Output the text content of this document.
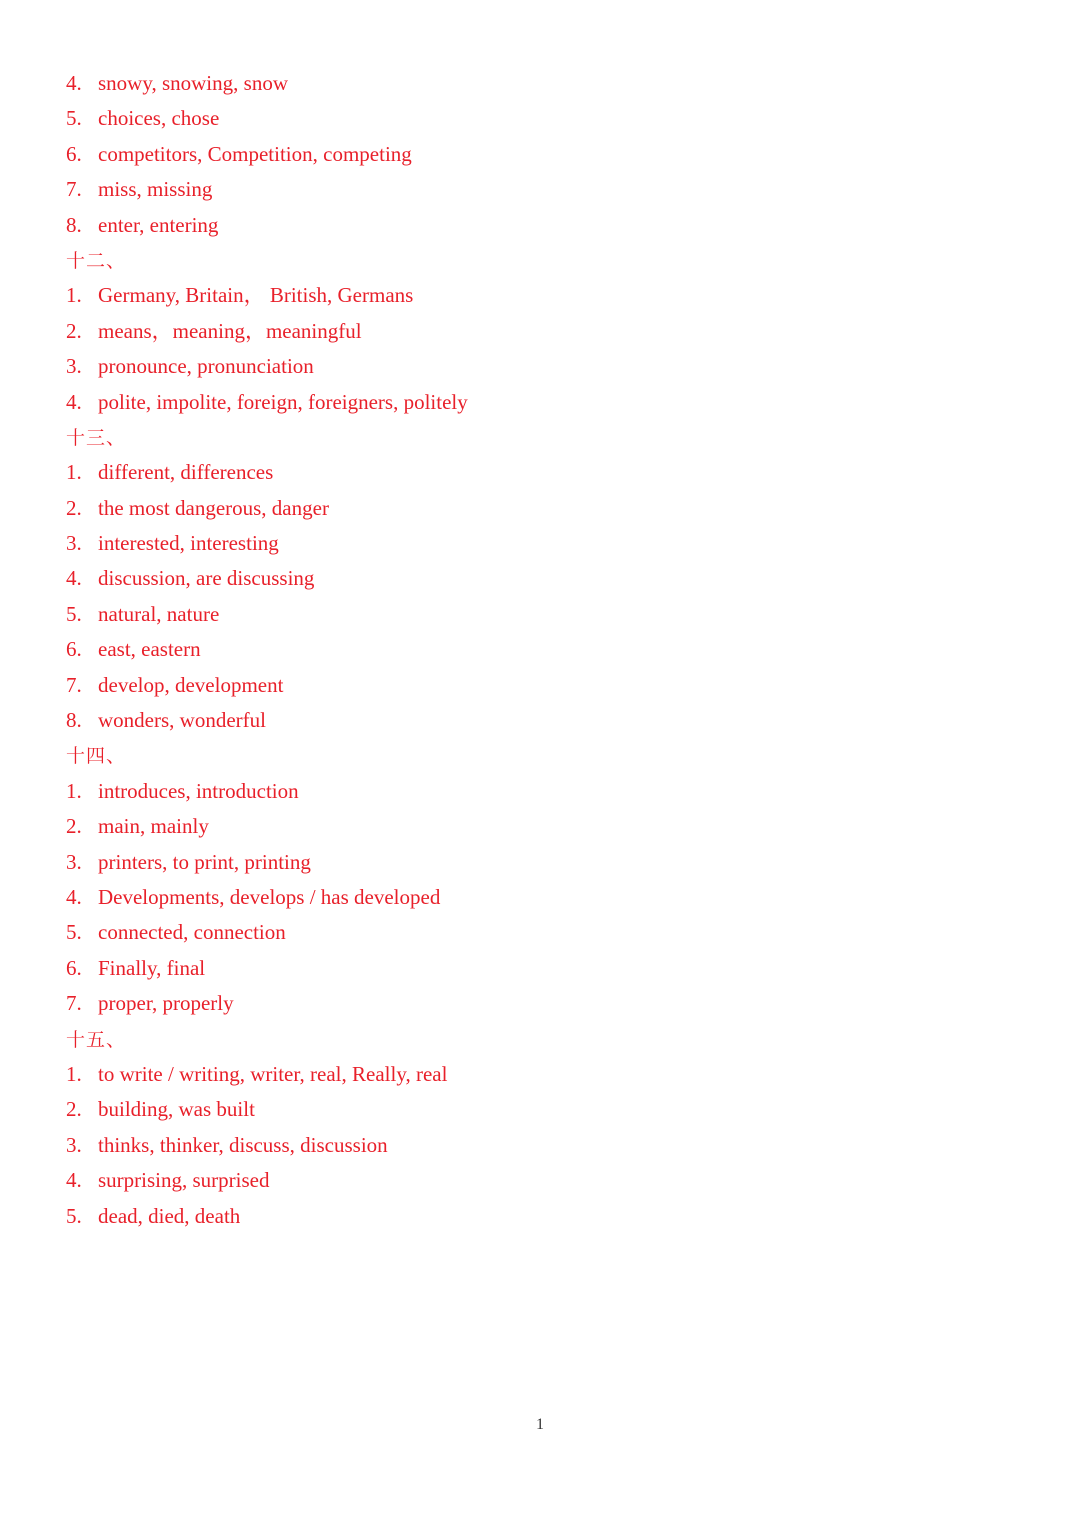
4. snowy, snowing, snow
5. choices, chose
6. competitors, Competition, competing
7. miss, missing
8. enter, entering
十二、
1. Germany, Britain， British, Germans
2. means，meaning，meaningful
3. pronounce, pronunciation
4. polite, impolite, foreign, foreigners, politely
十三、
1. different, differences
2. the most dangerous, danger
3. interested, interesting
4. discussion, are discussing
5. natural, nature
6. east, eastern
7. develop, development
8. wonders, wonderful
十四、
1. introduces, introduction
2. main, mainly
3. printers, to print, printing
4. Developments, develops / has developed
5. connected, connection
6. Finally, final
7. proper, properly
十五、
1. to write / writing, writer, real, Really, real
2. building, was built
3. thinks, thinker, discuss, discussion
4. surprising, surprised
5. dead, died, death
1
